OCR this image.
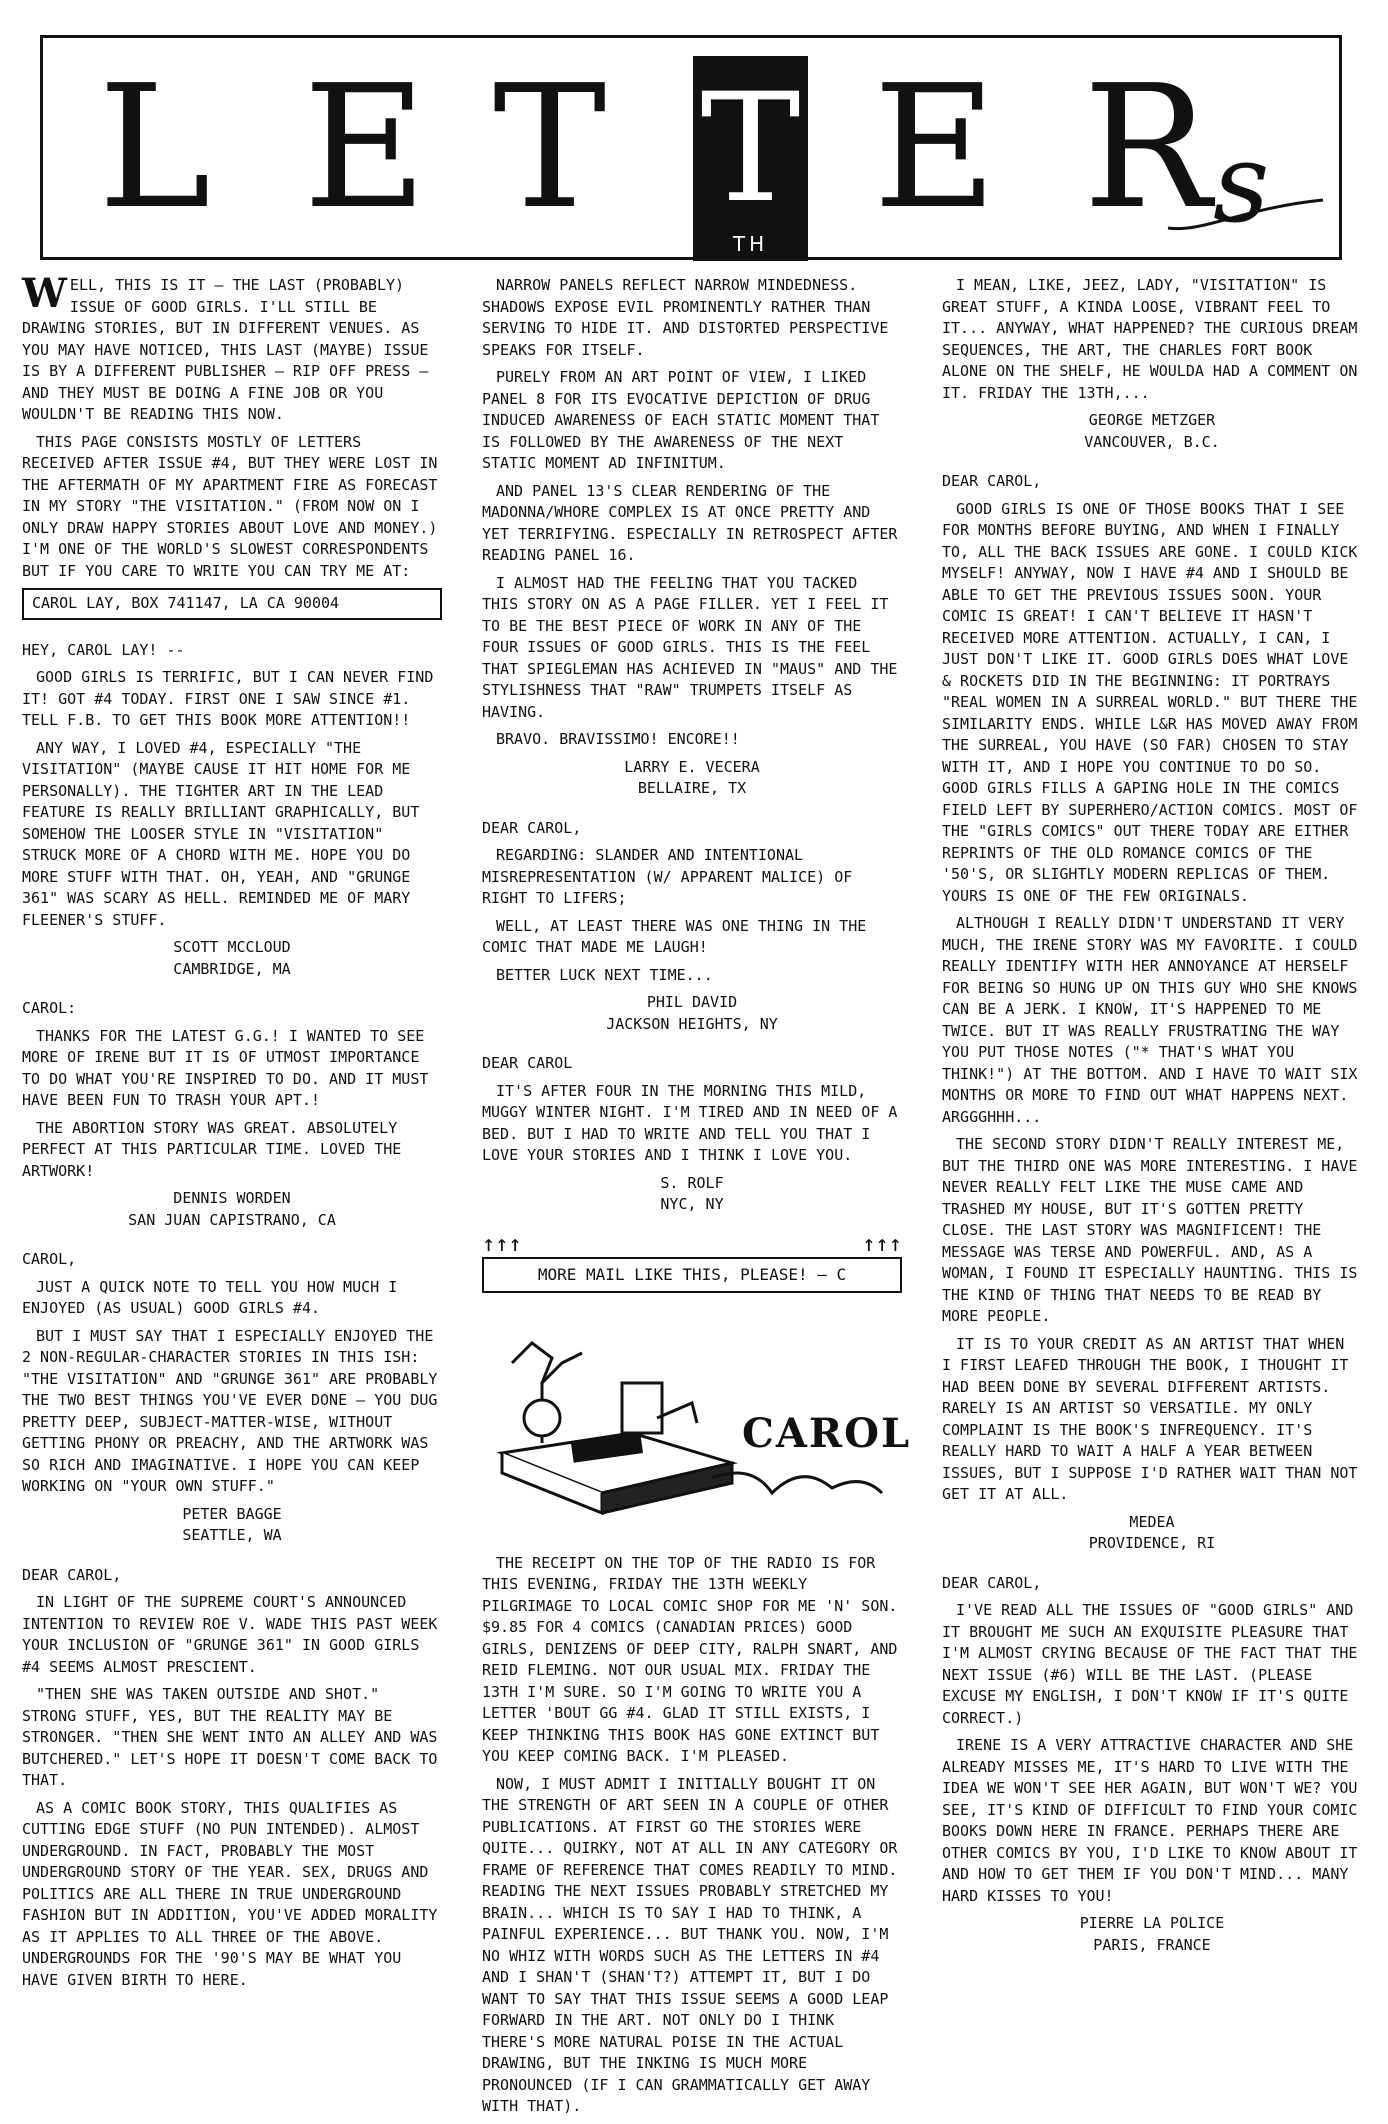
L E T T
TH E R s

WELL, THIS IS IT — THE LAST (PROBABLY) ISSUE OF GOOD GIRLS. I'LL STILL BE DRAWING STORIES, BUT IN DIFFERENT VENUES. AS YOU MAY HAVE NOTICED, THIS LAST (MAYBE) ISSUE IS BY A DIFFERENT PUBLISHER — RIP OFF PRESS — AND THEY MUST BE DOING A FINE JOB OR YOU WOULDN'T BE READING THIS NOW.

THIS PAGE CONSISTS MOSTLY OF LETTERS RECEIVED AFTER ISSUE #4, BUT THEY WERE LOST IN THE AFTERMATH OF MY APARTMENT FIRE AS FORECAST IN MY STORY "THE VISITATION." (FROM NOW ON I ONLY DRAW HAPPY STORIES ABOUT LOVE AND MONEY.) I'M ONE OF THE WORLD'S SLOWEST CORRESPONDENTS BUT IF YOU CARE TO WRITE YOU CAN TRY ME AT:

CAROL LAY, BOX 741147, LA CA 90004

HEY, CAROL LAY! --

GOOD GIRLS IS TERRIFIC, BUT I CAN NEVER FIND IT! GOT #4 TODAY. FIRST ONE I SAW SINCE #1. TELL F.B. TO GET THIS BOOK MORE ATTENTION!!

ANY WAY, I LOVED #4, ESPECIALLY "THE VISITATION" (MAYBE CAUSE IT HIT HOME FOR ME PERSONALLY). THE TIGHTER ART IN THE LEAD FEATURE IS REALLY BRILLIANT GRAPHICALLY, BUT SOMEHOW THE LOOSER STYLE IN "VISITATION" STRUCK MORE OF A CHORD WITH ME. HOPE YOU DO MORE STUFF WITH THAT. OH, YEAH, AND "GRUNGE 361" WAS SCARY AS HELL. REMINDED ME OF MARY FLEENER'S STUFF.

SCOTT MCCLOUD
CAMBRIDGE, MA

CAROL:

THANKS FOR THE LATEST G.G.! I WANTED TO SEE MORE OF IRENE BUT IT IS OF UTMOST IMPORTANCE TO DO WHAT YOU'RE INSPIRED TO DO. AND IT MUST HAVE BEEN FUN TO TRASH YOUR APT.!

THE ABORTION STORY WAS GREAT. ABSOLUTELY PERFECT AT THIS PARTICULAR TIME. LOVED THE ARTWORK!

DENNIS WORDEN
SAN JUAN CAPISTRANO, CA

CAROL,

JUST A QUICK NOTE TO TELL YOU HOW MUCH I ENJOYED (AS USUAL) GOOD GIRLS #4.

BUT I MUST SAY THAT I ESPECIALLY ENJOYED THE 2 NON-REGULAR-CHARACTER STORIES IN THIS ISH: "THE VISITATION" AND "GRUNGE 361" ARE PROBABLY THE TWO BEST THINGS YOU'VE EVER DONE — YOU DUG PRETTY DEEP, SUBJECT-MATTER-WISE, WITHOUT GETTING PHONY OR PREACHY, AND THE ARTWORK WAS SO RICH AND IMAGINATIVE. I HOPE YOU CAN KEEP WORKING ON "YOUR OWN STUFF."

PETER BAGGE
SEATTLE, WA

DEAR CAROL,

IN LIGHT OF THE SUPREME COURT'S ANNOUNCED INTENTION TO REVIEW ROE V. WADE THIS PAST WEEK YOUR INCLUSION OF "GRUNGE 361" IN GOOD GIRLS #4 SEEMS ALMOST PRESCIENT.

"THEN SHE WAS TAKEN OUTSIDE AND SHOT." STRONG STUFF, YES, BUT THE REALITY MAY BE STRONGER. "THEN SHE WENT INTO AN ALLEY AND WAS BUTCHERED." LET'S HOPE IT DOESN'T COME BACK TO THAT.

AS A COMIC BOOK STORY, THIS QUALIFIES AS CUTTING EDGE STUFF (NO PUN INTENDED). ALMOST UNDERGROUND. IN FACT, PROBABLY THE MOST UNDERGROUND STORY OF THE YEAR. SEX, DRUGS AND POLITICS ARE ALL THERE IN TRUE UNDERGROUND FASHION BUT IN ADDITION, YOU'VE ADDED MORALITY AS IT APPLIES TO ALL THREE OF THE ABOVE. UNDERGROUNDS FOR THE '90'S MAY BE WHAT YOU HAVE GIVEN BIRTH TO HERE.

NARROW PANELS REFLECT NARROW MINDEDNESS. SHADOWS EXPOSE EVIL PROMINENTLY RATHER THAN SERVING TO HIDE IT. AND DISTORTED PERSPECTIVE SPEAKS FOR ITSELF.

PURELY FROM AN ART POINT OF VIEW, I LIKED PANEL 8 FOR ITS EVOCATIVE DEPICTION OF DRUG INDUCED AWARENESS OF EACH STATIC MOMENT THAT IS FOLLOWED BY THE AWARENESS OF THE NEXT STATIC MOMENT AD INFINITUM.

AND PANEL 13'S CLEAR RENDERING OF THE MADONNA/WHORE COMPLEX IS AT ONCE PRETTY AND YET TERRIFYING. ESPECIALLY IN RETROSPECT AFTER READING PANEL 16.

I ALMOST HAD THE FEELING THAT YOU TACKED THIS STORY ON AS A PAGE FILLER. YET I FEEL IT TO BE THE BEST PIECE OF WORK IN ANY OF THE FOUR ISSUES OF GOOD GIRLS. THIS IS THE FEEL THAT SPIEGLEMAN HAS ACHIEVED IN "MAUS" AND THE STYLISHNESS THAT "RAW" TRUMPETS ITSELF AS HAVING.

BRAVO. BRAVISSIMO! ENCORE!!

LARRY E. VECERA
BELLAIRE, TX

DEAR CAROL,

REGARDING: SLANDER AND INTENTIONAL MISREPRESENTATION (W/ APPARENT MALICE) OF RIGHT TO LIFERS;

WELL, AT LEAST THERE WAS ONE THING IN THE COMIC THAT MADE ME LAUGH!

BETTER LUCK NEXT TIME...

PHIL DAVID
JACKSON HEIGHTS, NY

DEAR CAROL

IT'S AFTER FOUR IN THE MORNING THIS MILD, MUGGY WINTER NIGHT. I'M TIRED AND IN NEED OF A BED. BUT I HAD TO WRITE AND TELL YOU THAT I LOVE YOUR STORIES AND I THINK I LOVE YOU.

S. ROLF
NYC, NY
↑↑↑	↑↑↑
MORE MAIL LIKE THIS, PLEASE! — C
CAROL

THE RECEIPT ON THE TOP OF THE RADIO IS FOR THIS EVENING, FRIDAY THE 13TH WEEKLY PILGRIMAGE TO LOCAL COMIC SHOP FOR ME 'N' SON. $9.85 FOR 4 COMICS (CANADIAN PRICES) GOOD GIRLS, DENIZENS OF DEEP CITY, RALPH SNART, AND REID FLEMING. NOT OUR USUAL MIX. FRIDAY THE 13TH I'M SURE. SO I'M GOING TO WRITE YOU A LETTER 'BOUT GG #4. GLAD IT STILL EXISTS, I KEEP THINKING THIS BOOK HAS GONE EXTINCT BUT YOU KEEP COMING BACK. I'M PLEASED.

NOW, I MUST ADMIT I INITIALLY BOUGHT IT ON THE STRENGTH OF ART SEEN IN A COUPLE OF OTHER PUBLICATIONS. AT FIRST GO THE STORIES WERE QUITE... QUIRKY, NOT AT ALL IN ANY CATEGORY OR FRAME OF REFERENCE THAT COMES READILY TO MIND. READING THE NEXT ISSUES PROBABLY STRETCHED MY BRAIN... WHICH IS TO SAY I HAD TO THINK, A PAINFUL EXPERIENCE... BUT THANK YOU. NOW, I'M NO WHIZ WITH WORDS SUCH AS THE LETTERS IN #4 AND I SHAN'T (SHAN'T?) ATTEMPT IT, BUT I DO WANT TO SAY THAT THIS ISSUE SEEMS A GOOD LEAP FORWARD IN THE ART. NOT ONLY DO I THINK THERE'S MORE NATURAL POISE IN THE ACTUAL DRAWING, BUT THE INKING IS MUCH MORE PRONOUNCED (IF I CAN GRAMMATICALLY GET AWAY WITH THAT).

I MEAN, LIKE, JEEZ, LADY, "VISITATION" IS GREAT STUFF, A KINDA LOOSE, VIBRANT FEEL TO IT... ANYWAY, WHAT HAPPENED? THE CURIOUS DREAM SEQUENCES, THE ART, THE CHARLES FORT BOOK ALONE ON THE SHELF, HE WOULDA HAD A COMMENT ON IT. FRIDAY THE 13TH,...

GEORGE METZGER
VANCOUVER, B.C.

DEAR CAROL,

GOOD GIRLS IS ONE OF THOSE BOOKS THAT I SEE FOR MONTHS BEFORE BUYING, AND WHEN I FINALLY TO, ALL THE BACK ISSUES ARE GONE. I COULD KICK MYSELF! ANYWAY, NOW I HAVE #4 AND I SHOULD BE ABLE TO GET THE PREVIOUS ISSUES SOON. YOUR COMIC IS GREAT! I CAN'T BELIEVE IT HASN'T RECEIVED MORE ATTENTION. ACTUALLY, I CAN, I JUST DON'T LIKE IT. GOOD GIRLS DOES WHAT LOVE & ROCKETS DID IN THE BEGINNING: IT PORTRAYS "REAL WOMEN IN A SURREAL WORLD." BUT THERE THE SIMILARITY ENDS. WHILE L&R HAS MOVED AWAY FROM THE SURREAL, YOU HAVE (SO FAR) CHOSEN TO STAY WITH IT, AND I HOPE YOU CONTINUE TO DO SO. GOOD GIRLS FILLS A GAPING HOLE IN THE COMICS FIELD LEFT BY SUPERHERO/ACTION COMICS. MOST OF THE "GIRLS COMICS" OUT THERE TODAY ARE EITHER REPRINTS OF THE OLD ROMANCE COMICS OF THE '50'S, OR SLIGHTLY MODERN REPLICAS OF THEM. YOURS IS ONE OF THE FEW ORIGINALS.

ALTHOUGH I REALLY DIDN'T UNDERSTAND IT VERY MUCH, THE IRENE STORY WAS MY FAVORITE. I COULD REALLY IDENTIFY WITH HER ANNOYANCE AT HERSELF FOR BEING SO HUNG UP ON THIS GUY WHO SHE KNOWS CAN BE A JERK. I KNOW, IT'S HAPPENED TO ME TWICE. BUT IT WAS REALLY FRUSTRATING THE WAY YOU PUT THOSE NOTES ("* THAT'S WHAT YOU THINK!") AT THE BOTTOM. AND I HAVE TO WAIT SIX MONTHS OR MORE TO FIND OUT WHAT HAPPENS NEXT. ARGGGHHH...

THE SECOND STORY DIDN'T REALLY INTEREST ME, BUT THE THIRD ONE WAS MORE INTERESTING. I HAVE NEVER REALLY FELT LIKE THE MUSE CAME AND TRASHED MY HOUSE, BUT IT'S GOTTEN PRETTY CLOSE. THE LAST STORY WAS MAGNIFICENT! THE MESSAGE WAS TERSE AND POWERFUL. AND, AS A WOMAN, I FOUND IT ESPECIALLY HAUNTING. THIS IS THE KIND OF THING THAT NEEDS TO BE READ BY MORE PEOPLE.

IT IS TO YOUR CREDIT AS AN ARTIST THAT WHEN I FIRST LEAFED THROUGH THE BOOK, I THOUGHT IT HAD BEEN DONE BY SEVERAL DIFFERENT ARTISTS. RARELY IS AN ARTIST SO VERSATILE. MY ONLY COMPLAINT IS THE BOOK'S INFREQUENCY. IT'S REALLY HARD TO WAIT A HALF A YEAR BETWEEN ISSUES, BUT I SUPPOSE I'D RATHER WAIT THAN NOT GET IT AT ALL.

MEDEA
PROVIDENCE, RI

DEAR CAROL,

I'VE READ ALL THE ISSUES OF "GOOD GIRLS" AND IT BROUGHT ME SUCH AN EXQUISITE PLEASURE THAT I'M ALMOST CRYING BECAUSE OF THE FACT THAT THE NEXT ISSUE (#6) WILL BE THE LAST. (PLEASE EXCUSE MY ENGLISH, I DON'T KNOW IF IT'S QUITE CORRECT.)

IRENE IS A VERY ATTRACTIVE CHARACTER AND SHE ALREADY MISSES ME, IT'S HARD TO LIVE WITH THE IDEA WE WON'T SEE HER AGAIN, BUT WON'T WE? YOU SEE, IT'S KIND OF DIFFICULT TO FIND YOUR COMIC BOOKS DOWN HERE IN FRANCE. PERHAPS THERE ARE OTHER COMICS BY YOU, I'D LIKE TO KNOW ABOUT IT AND HOW TO GET THEM IF YOU DON'T MIND... MANY HARD KISSES TO YOU!

PIERRE LA POLICE
PARIS, FRANCE
